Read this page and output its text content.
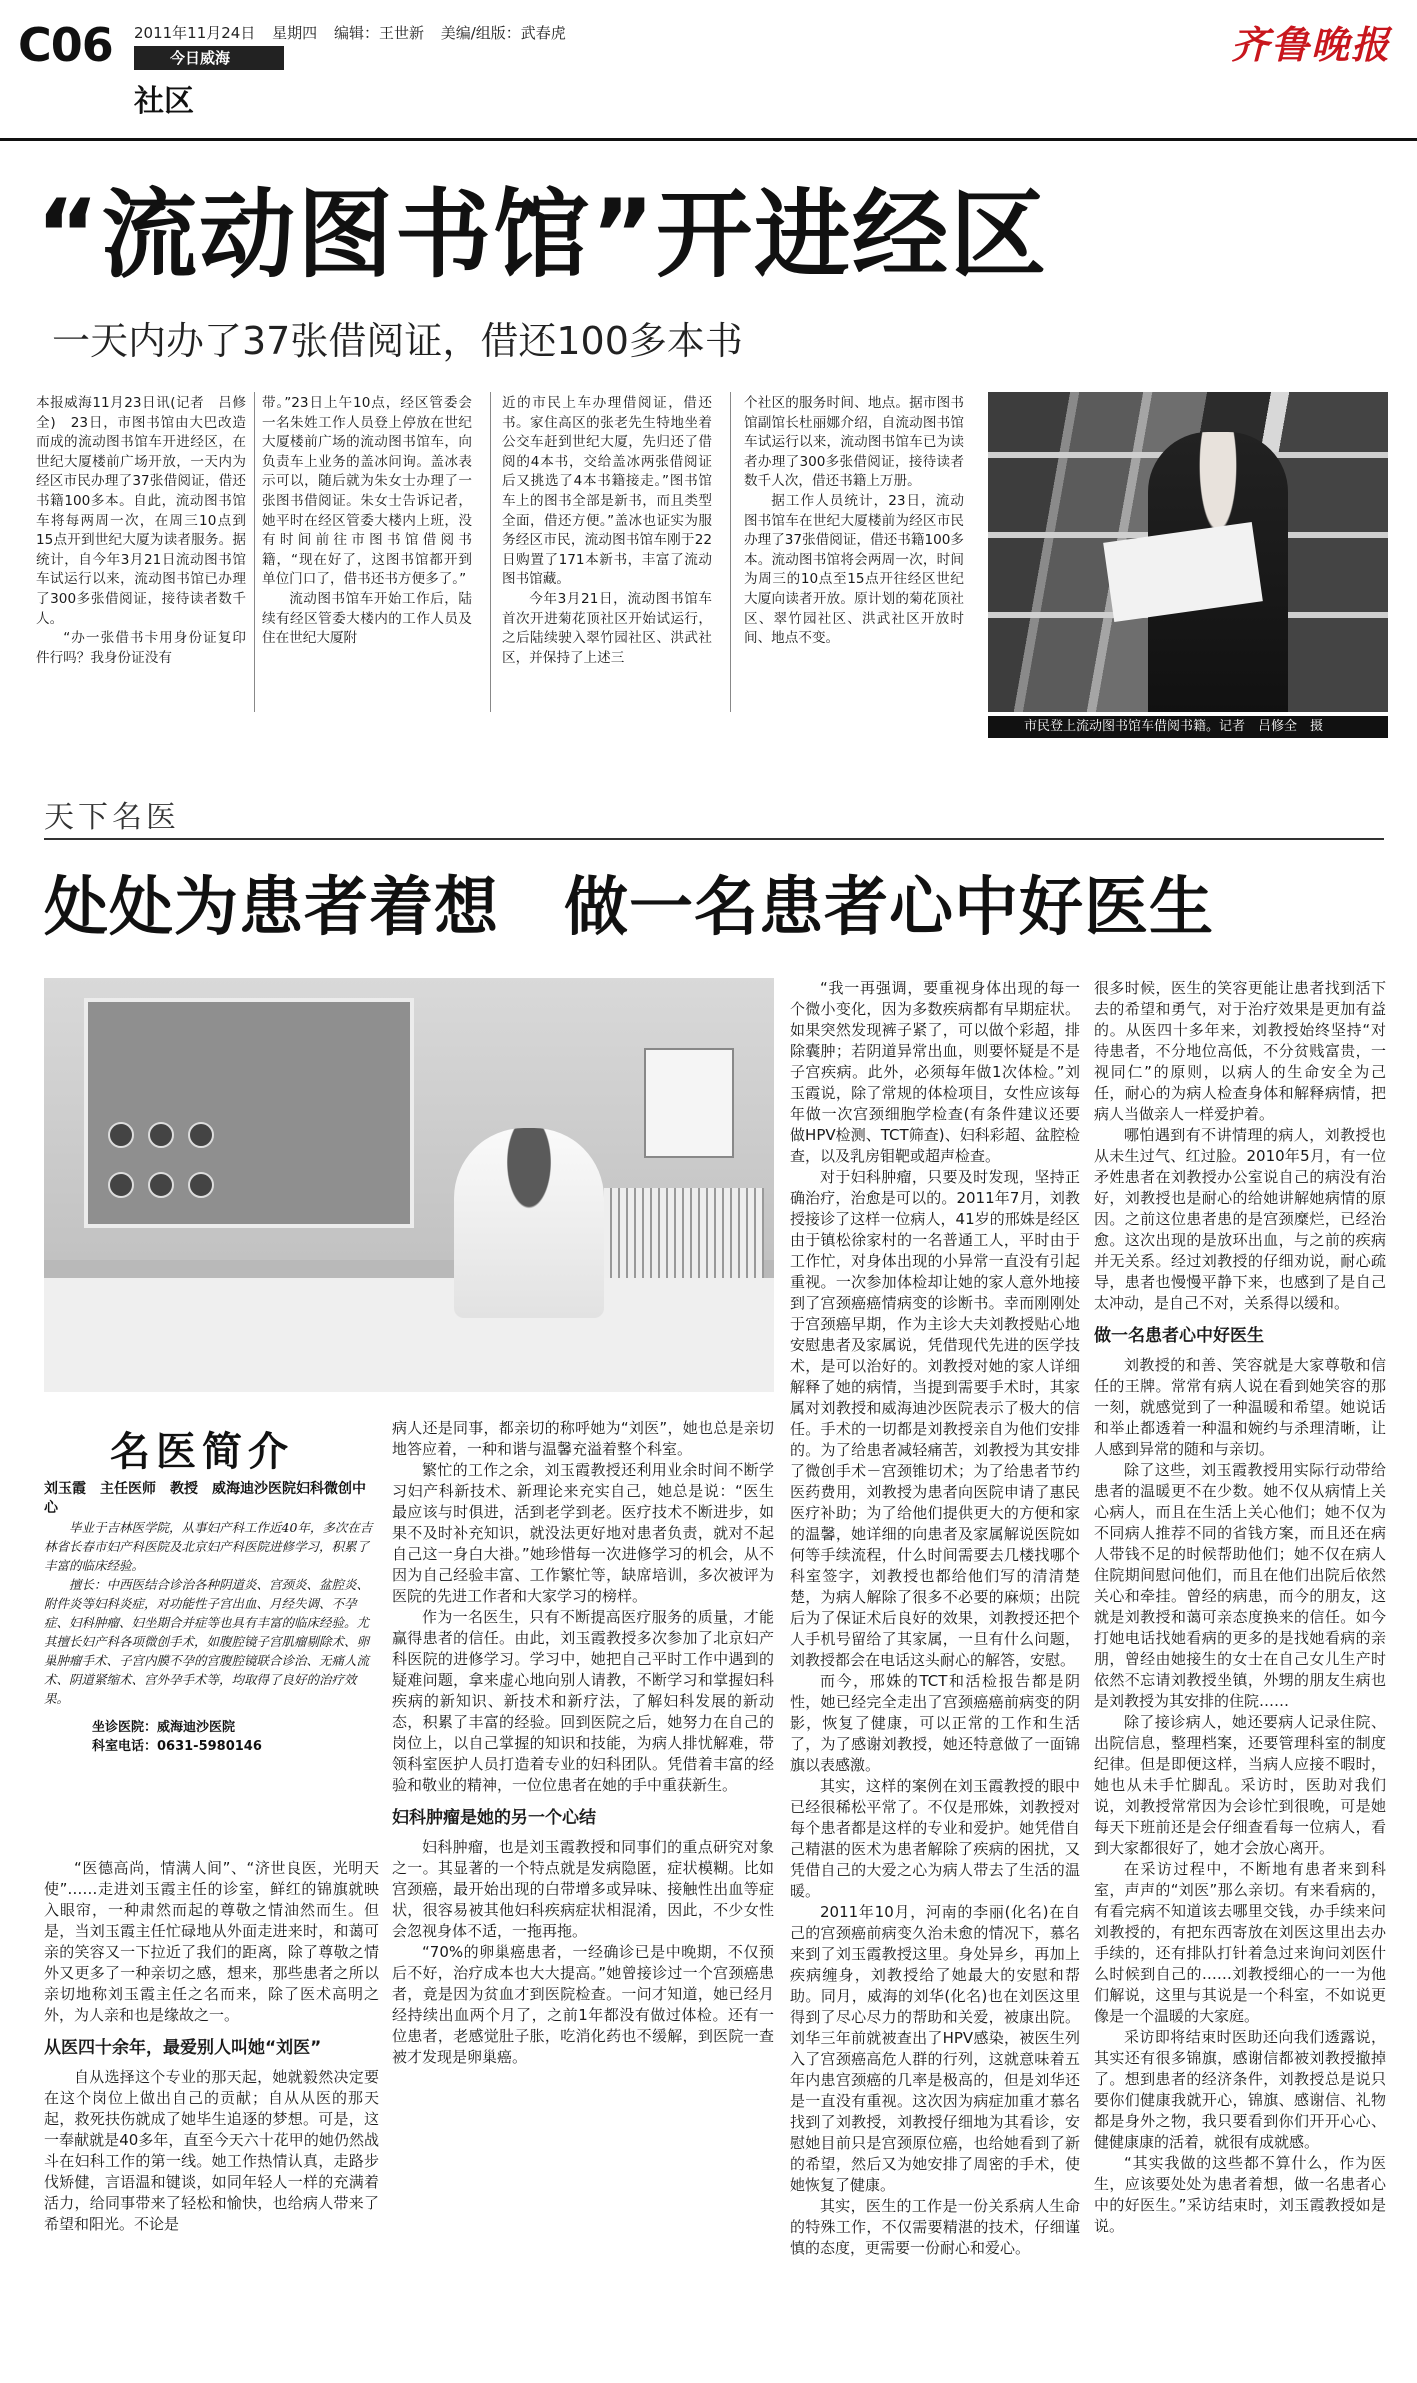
C06 2011年11月24日 星期四 编辑：王世新 美编/组版：武春虎
今日威海
社区
齐鲁晚报
“流动图书馆”开进经区
一天内办了37张借阅证，借还100多本书

本报威海11月23日讯(记者　吕修全)　23日，市图书馆由大巴改造而成的流动图书馆车开进经区，在世纪大厦楼前广场开放，一天内为经区市民办理了37张借阅证，借还书籍100多本。自此，流动图书馆车将每两周一次，在周三10点到15点开到世纪大厦为读者服务。据统计，自今年3月21日流动图书馆车试运行以来，流动图书馆已办理了300多张借阅证，接待读者数千人。

“办一张借书卡用身份证复印件行吗？我身份证没有

带。”23日上午10点，经区管委会一名朱姓工作人员登上停放在世纪大厦楼前广场的流动图书馆车，向负责车上业务的盖冰问询。盖冰表示可以，随后就为朱女士办理了一张图书借阅证。朱女士告诉记者，她平时在经区管委大楼内上班，没有时间前往市图书馆借阅书籍，“现在好了，这图书馆都开到单位门口了，借书还书方便多了。”

流动图书馆车开始工作后，陆续有经区管委大楼内的工作人员及住在世纪大厦附

近的市民上车办理借阅证，借还书。家住高区的张老先生特地坐着公交车赶到世纪大厦，先归还了借阅的4本书，交给盖冰两张借阅证后又挑选了4本书籍接走。”图书馆车上的图书全部是新书，而且类型全面，借还方便。”盖冰也证实为服务经区市民，流动图书馆车刚于22日购置了171本新书，丰富了流动图书馆藏。

今年3月21日，流动图书馆车首次开进菊花顶社区开始试运行，之后陆续驶入翠竹园社区、洪武社区，并保持了上述三

个社区的服务时间、地点。据市图书馆副馆长杜丽娜介绍，自流动图书馆车试运行以来，流动图书馆车已为读者办理了300多张借阅证，接待读者数千人次，借还书籍上万册。

据工作人员统计，23日，流动图书馆车在世纪大厦楼前为经区市民办理了37张借阅证，借还书籍100多本。流动图书馆将会两周一次，时间为周三的10点至15点开往经区世纪大厦向读者开放。原计划的菊花顶社区、翠竹园社区、洪武社区开放时间、地点不变。

市民登上流动图书馆车借阅书籍。记者　吕修全　摄
天下名医
处处为患者着想　做一名患者心中好医生
名医简介
刘玉霞　主任医师　教授　威海迪沙医院妇科微创中心

毕业于吉林医学院，从事妇产科工作近40年，多次在吉林省长春市妇产科医院及北京妇产科医院进修学习，积累了丰富的临床经验。

擅长：中西医结合诊治各种阴道炎、宫颈炎、盆腔炎、附件炎等妇科炎症，对功能性子宫出血、月经失调、不孕症、妇科肿瘤、妇坐期合并症等也具有丰富的临床经验。尤其擅长妇产科各项微创手术，如腹腔镜子宫肌瘤剔除术、卵巢肿瘤手术、子宫内膜不孕的宫腹腔镜联合诊治、无痛人流术、阴道紧缩术、宫外孕手术等，均取得了良好的治疗效果。

坐诊医院：威海迪沙医院
科室电话：0631-5980146

“医德高尚，情满人间”、“济世良医，光明天使”……走进刘玉霞主任的诊室，鲜红的锦旗就映入眼帘，一种肃然而起的尊敬之情油然而生。但是，当刘玉霞主任忙碌地从外面走进来时，和蔼可亲的笑容又一下拉近了我们的距离，除了尊敬之情外又更多了一种亲切之感，想来，那些患者之所以亲切地称刘玉霞主任之名而来，除了医术高明之外，为人亲和也是缘故之一。

从医四十余年，最爱别人叫她“刘医”

自从选择这个专业的那天起，她就毅然决定要在这个岗位上做出自己的贡献；自从从医的那天起，救死扶伤就成了她毕生追逐的梦想。可是，这一奉献就是40多年，直至今天六十花甲的她仍然战斗在妇科工作的第一线。她工作热情认真，走路步伐矫健，言语温和键谈，如同年轻人一样的充满着活力，给同事带来了轻松和愉快，也给病人带来了希望和阳光。不论是

病人还是同事，都亲切的称呼她为“刘医”，她也总是亲切地答应着，一种和谐与温馨充溢着整个科室。

繁忙的工作之余，刘玉霞教授还利用业余时间不断学习妇产科新技术、新理论来充实自己，她总是说：“医生最应该与时俱进，活到老学到老。医疗技术不断进步，如果不及时补充知识，就没法更好地对患者负责，就对不起自己这一身白大褂。”她珍惜每一次进修学习的机会，从不因为自己经验丰富、工作繁忙等，缺席培训，多次被评为医院的先进工作者和大家学习的榜样。

作为一名医生，只有不断提高医疗服务的质量，才能赢得患者的信任。由此，刘玉霞教授多次参加了北京妇产科医院的进修学习。学习中，她把自己平时工作中遇到的疑难问题，拿来虚心地向别人请教，不断学习和掌握妇科疾病的新知识、新技术和新疗法，了解妇科发展的新动态，积累了丰富的经验。回到医院之后，她努力在自己的岗位上，以自己掌握的知识和技能，为病人排忧解难，带领科室医护人员打造着专业的妇科团队。凭借着丰富的经验和敬业的精神，一位位患者在她的手中重获新生。

妇科肿瘤是她的另一个心结

妇科肿瘤，也是刘玉霞教授和同事们的重点研究对象之一。其显著的一个特点就是发病隐匿，症状模糊。比如宫颈癌，最开始出现的白带增多或异味、接触性出血等症状，很容易被其他妇科疾病症状相混淆，因此，不少女性会忽视身体不适，一拖再拖。

“70%的卵巢癌患者，一经确诊已是中晚期，不仅预后不好，治疗成本也大大提高。”她曾接诊过一个宫颈癌患者，竟是因为贫血才到医院检查。一问才知道，她已经月经持续出血两个月了，之前1年都没有做过体检。还有一位患者，老感觉肚子胀，吃消化药也不缓解，到医院一查被才发现是卵巢癌。

“我一再强调，要重视身体出现的每一个微小变化，因为多数疾病都有早期症状。如果突然发现裤子紧了，可以做个彩超，排除囊肿；若阴道异常出血，则要怀疑是不是子宫疾病。此外，必须每年做1次体检。”刘玉霞说，除了常规的体检项目，女性应该每年做一次宫颈细胞学检查(有条件建议还要做HPV检测、TCT筛查)、妇科彩超、盆腔检查，以及乳房钼靶或超声检查。

对于妇科肿瘤，只要及时发现，坚持正确治疗，治愈是可以的。2011年7月，刘教授接诊了这样一位病人，41岁的邢姝是经区由于镇松徐家村的一名普通工人，平时由于工作忙，对身体出现的小异常一直没有引起重视。一次参加体检却让她的家人意外地接到了宫颈癌癌情病变的诊断书。幸而刚刚处于宫颈癌早期，作为主诊大夫刘教授贴心地安慰患者及家属说，凭借现代先进的医学技术，是可以治好的。刘教授对她的家人详细解释了她的病情，当提到需要手术时，其家属对刘教授和威海迪沙医院表示了极大的信任。手术的一切都是刘教授亲自为他们安排的。为了给患者减轻痛苦，刘教授为其安排了微创手术－宫颈锥切术；为了给患者节约医药费用，刘教授为患者向医院申请了惠民医疗补助；为了给他们提供更大的方便和家的温馨，她详细的向患者及家属解说医院如何等手续流程，什么时间需要去几楼找哪个科室签字，刘教授也都给他们写的清清楚楚，为病人解除了很多不必要的麻烦；出院后为了保证术后良好的效果，刘教授还把个人手机号留给了其家属，一旦有什么问题，刘教授都会在电话这头耐心的解答，安慰。

而今，邢姝的TCT和活检报告都是阴性，她已经完全走出了宫颈癌癌前病变的阴影，恢复了健康，可以正常的工作和生活了，为了感谢刘教授，她还特意做了一面锦旗以表感激。

其实，这样的案例在刘玉霞教授的眼中已经很稀松平常了。不仅是邢姝，刘教授对每个患者都是这样的专业和爱护。她凭借自己精湛的医术为患者解除了疾病的困扰，又凭借自己的大爱之心为病人带去了生活的温暖。

2011年10月，河南的李丽(化名)在自己的宫颈癌前病变久治未愈的情况下，慕名来到了刘玉霞教授这里。身处异乡，再加上疾病缠身，刘教授给了她最大的安慰和帮助。同月，威海的刘华(化名)也在刘医这里得到了尽心尽力的帮助和关爱，被康出院。刘华三年前就被查出了HPV感染，被医生列入了宫颈癌高危人群的行列，这就意味着五年内患宫颈癌的几率是极高的，但是刘华还是一直没有重视。这次因为病症加重才慕名找到了刘教授，刘教授仔细地为其看诊，安慰她目前只是宫颈原位癌，也给她看到了新的希望，然后又为她安排了周密的手术，使她恢复了健康。

其实，医生的工作是一份关系病人生命的特殊工作，不仅需要精湛的技术，仔细谨慎的态度，更需要一份耐心和爱心。

很多时候，医生的笑容更能让患者找到活下去的希望和勇气，对于治疗效果是更加有益的。从医四十多年来，刘教授始终坚持“对待患者，不分地位高低，不分贫贱富贵，一视同仁”的原则，以病人的生命安全为己任，耐心的为病人检查身体和解释病情，把病人当做亲人一样爱护着。

哪怕遇到有不讲情理的病人，刘教授也从未生过气、红过脸。2010年5月，有一位矛姓患者在刘教授办公室说自己的病没有治好，刘教授也是耐心的给她讲解她病情的原因。之前这位患者患的是宫颈糜烂，已经治愈。这次出现的是放环出血，与之前的疾病并无关系。经过刘教授的仔细劝说，耐心疏导，患者也慢慢平静下来，也感到了是自己太冲动，是自己不对，关系得以缓和。

做一名患者心中好医生

刘教授的和善、笑容就是大家尊敬和信任的王牌。常常有病人说在看到她笑容的那一刻，就感觉到了一种温暖和希望。她说话和举止都透着一种温和婉约与杀理清晰，让人感到异常的随和与亲切。

除了这些，刘玉霞教授用实际行动带给患者的温暖更不在少数。她不仅从病情上关心病人，而且在生活上关心他们；她不仅为不同病人推荐不同的省钱方案，而且还在病人带钱不足的时候帮助他们；她不仅在病人住院期间慰问他们，而且在他们出院后依然关心和牵挂。曾经的病患，而今的朋友，这就是刘教授和蔼可亲态度换来的信任。如今打她电话找她看病的更多的是找她看病的亲朋，曾经由她接生的女士在自己女儿生产时依然不忘请刘教授坐镇，外甥的朋友生病也是刘教授为其安排的住院……

除了接诊病人，她还要病人记录住院、出院信息，整理档案，还要管理科室的制度纪律。但是即便这样，当病人应接不暇时，她也从未手忙脚乱。采访时，医助对我们说，刘教授常常因为会诊忙到很晚，可是她每天下班前还是会仔细查看每一位病人，看到大家都很好了，她才会放心离开。

在采访过程中，不断地有患者来到科室，声声的“刘医”那么亲切。有来看病的，有看完病不知道该去哪里交钱，办手续来问刘教授的，有把东西寄放在刘医这里出去办手续的，还有排队打针着急过来询问刘医什么时候到自己的……刘教授细心的一一为他们解说，这里与其说是一个科室，不如说更像是一个温暖的大家庭。

采访即将结束时医助还向我们透露说，其实还有很多锦旗，感谢信都被刘教授撤掉了。想到患者的经济条件，刘教授总是说只要你们健康我就开心，锦旗、感谢信、礼物都是身外之物，我只要看到你们开开心心、健健康康的活着，就很有成就感。

“其实我做的这些都不算什么，作为医生，应该要处处为患者着想，做一名患者心中的好医生。”采访结束时，刘玉霞教授如是说。
